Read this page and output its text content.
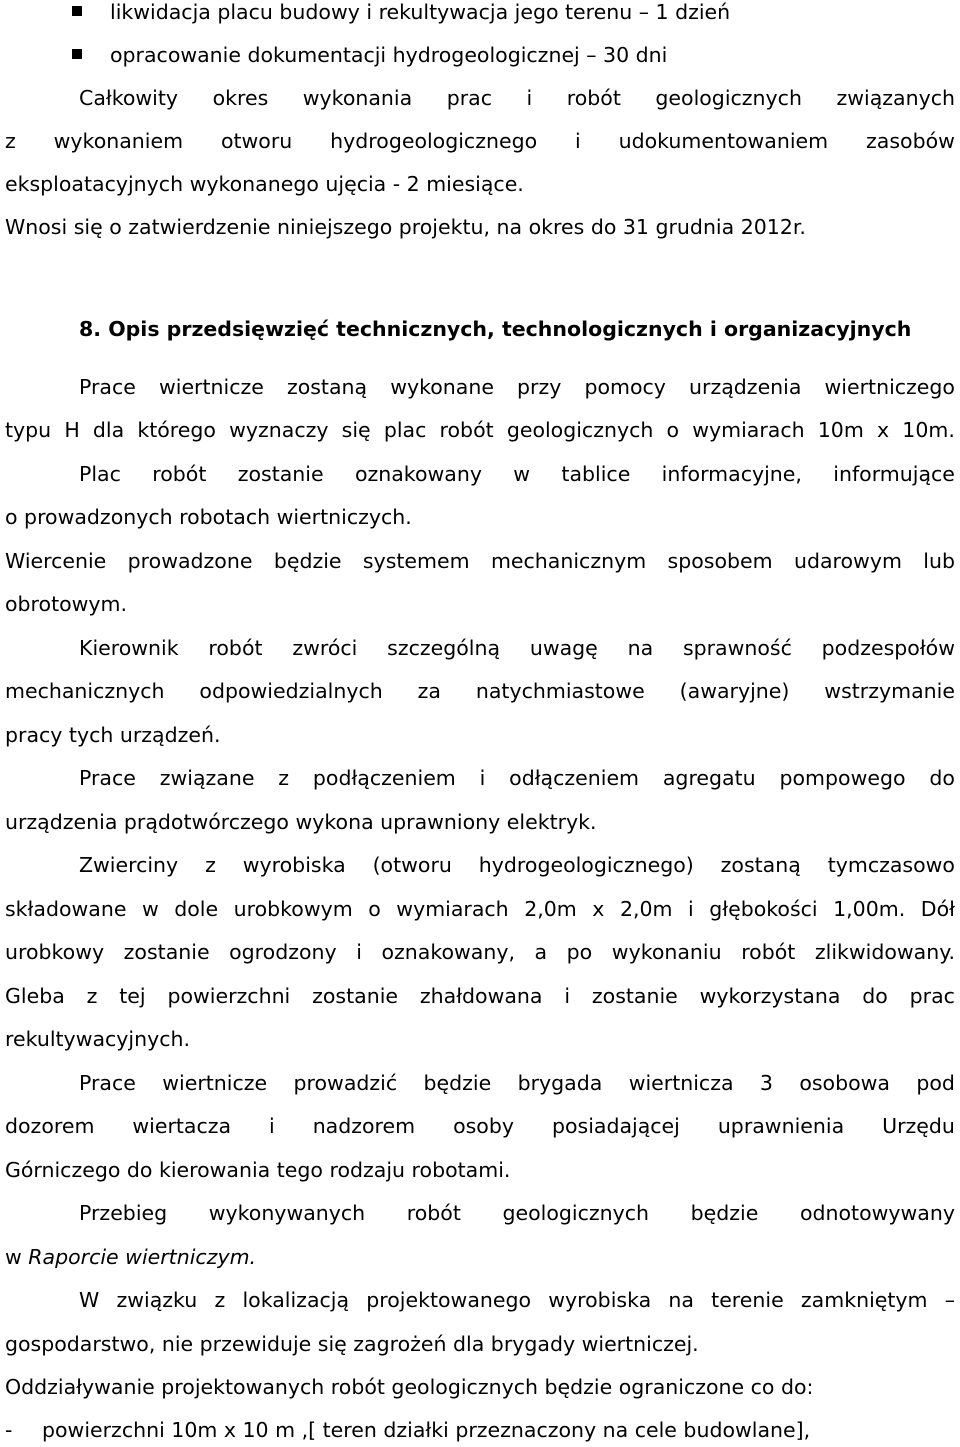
likwidacja placu budowy i rekultywacja jego terenu – 1 dzień
opracowanie dokumentacji hydrogeologicznej – 30 dni
Całkowity okres wykonania prac i robót geologicznych związanych
z wykonaniem otworu hydrogeologicznego i udokumentowaniem zasobów
eksploatacyjnych wykonanego ujęcia - 2 miesiące.
Wnosi się o zatwierdzenie niniejszego projektu, na okres do 31 grudnia 2012r.
8. Opis przedsięwzięć technicznych, technologicznych i organizacyjnych
Prace wiertnicze zostaną wykonane przy pomocy urządzenia wiertniczego
typu H dla którego wyznaczy się plac robót geologicznych o wymiarach 10m x 10m.
Plac robót zostanie oznakowany w tablice informacyjne, informujące
o prowadzonych robotach wiertniczych.
Wiercenie prowadzone będzie systemem mechanicznym sposobem udarowym lub
obrotowym.
Kierownik robót zwróci szczególną uwagę na sprawność podzespołów
mechanicznych odpowiedzialnych za natychmiastowe (awaryjne) wstrzymanie
pracy tych urządzeń.
Prace związane z podłączeniem i odłączeniem agregatu pompowego do
urządzenia prądotwórczego wykona uprawniony elektryk.
Zwierciny z wyrobiska (otworu hydrogeologicznego) zostaną tymczasowo
składowane w dole urobkowym o wymiarach 2,0m x 2,0m i głębokości 1,00m. Dół
urobkowy zostanie ogrodzony i oznakowany, a po wykonaniu robót zlikwidowany.
Gleba z tej powierzchni zostanie zhałdowana i zostanie wykorzystana do prac
rekultywacyjnych.
Prace wiertnicze prowadzić będzie brygada wiertnicza 3 osobowa pod
dozorem wiertacza i nadzorem osoby posiadającej uprawnienia Urzędu
Górniczego do kierowania tego rodzaju robotami.
Przebieg wykonywanych robót geologicznych będzie odnotowywany
w Raporcie wiertniczym.
W związku z lokalizacją projektowanego wyrobiska na terenie zamkniętym –
gospodarstwo, nie przewiduje się zagrożeń dla brygady wiertniczej.
Oddziaływanie projektowanych robót geologicznych będzie ograniczone co do:
- powierzchni 10m x 10 m ,[ teren działki przeznaczony na cele budowlane],
